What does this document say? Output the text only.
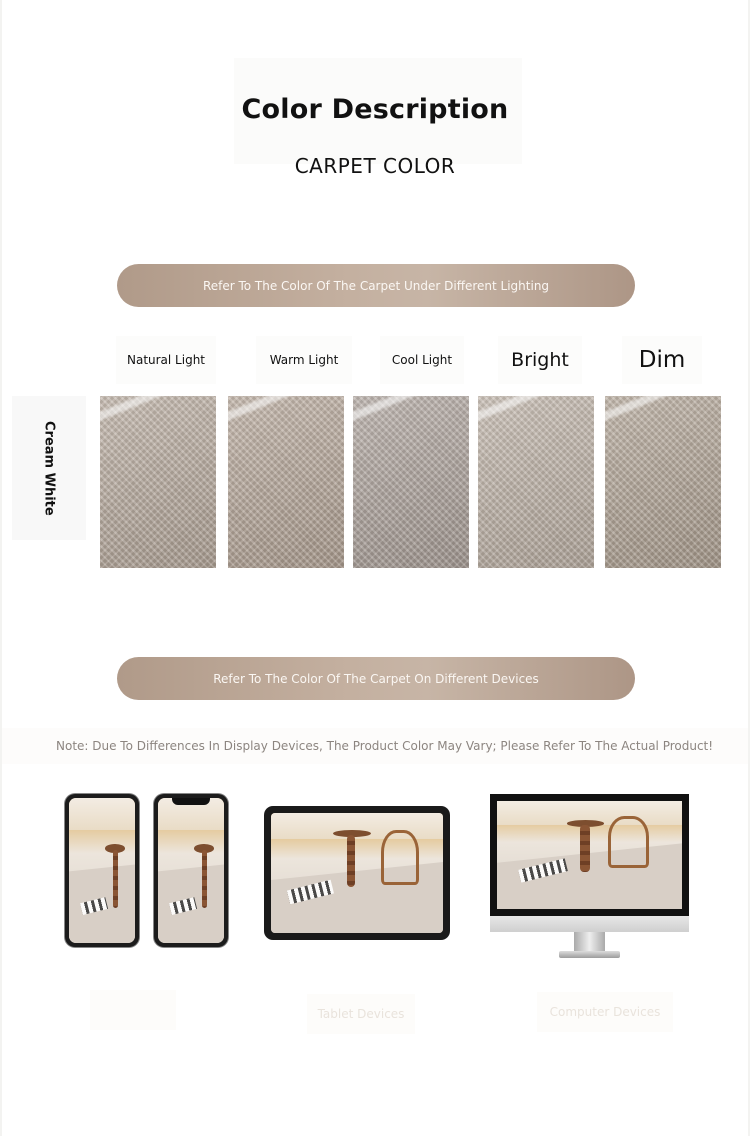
Color Description
CARPET COLOR
Refer To The Color Of The Carpet Under Different Lighting
Natural Light	Warm Light	Cool Light	Bright	Dim
Cream White
Refer To The Color Of The Carpet On Different Devices
Note: Due To Differences In Display Devices, The Product Color May Vary; Please Refer To The Actual Product!
Tablet Devices	Computer Devices
